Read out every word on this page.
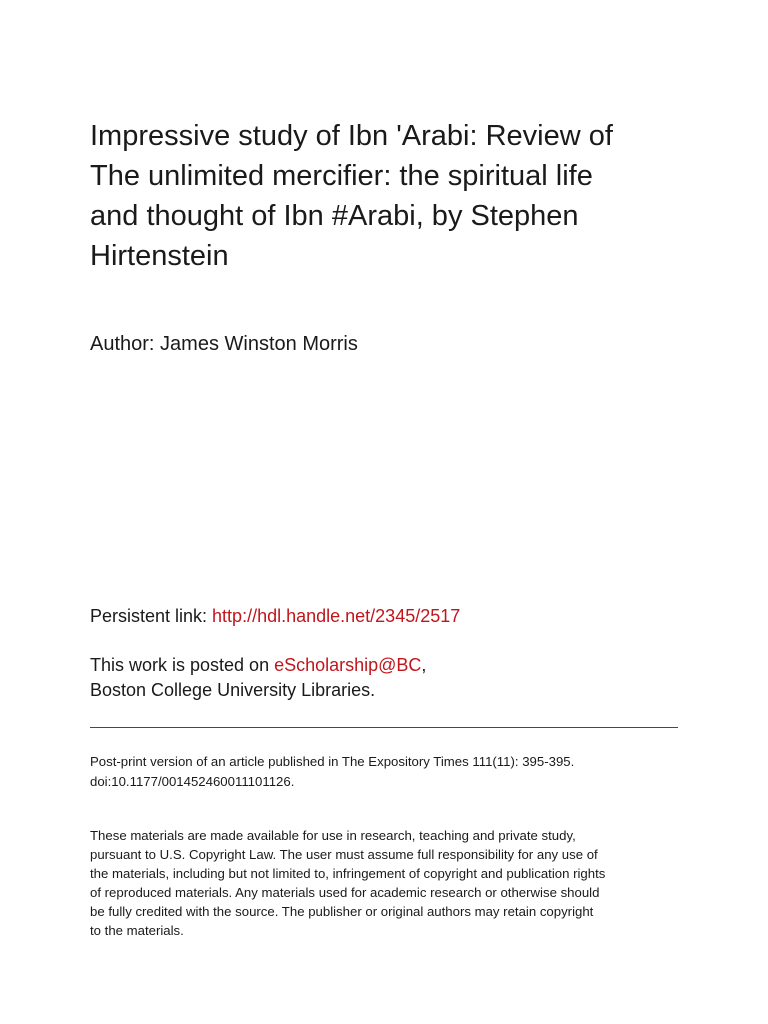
Impressive study of Ibn 'Arabi: Review of
The unlimited mercifier: the spiritual life
and thought of Ibn #Arabi, by Stephen
Hirtenstein
Author: James Winston Morris
Persistent link: http://hdl.handle.net/2345/2517
This work is posted on eScholarship@BC,
Boston College University Libraries.
Post-print version of an article published in The Expository Times 111(11): 395-395.
doi:10.1177/001452460011101126.
These materials are made available for use in research, teaching and private study,
pursuant to U.S. Copyright Law. The user must assume full responsibility for any use of
the materials, including but not limited to, infringement of copyright and publication rights
of reproduced materials. Any materials used for academic research or otherwise should
be fully credited with the source. The publisher or original authors may retain copyright
to the materials.
